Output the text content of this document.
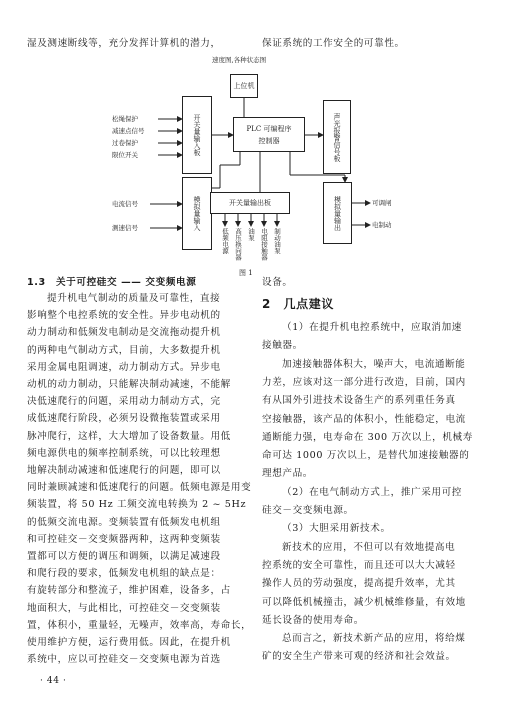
湿及测速断线等，充分发挥计算机的潜力，	保证系统的工作安全的可靠性。
速度图,各种状态图
上位机
开关量输入板	PLC 可编程序
控制器	声光报警信号板
模拟量输入	开关量输出板	模拟量输出
松绳保护
减速点信号
过卷保护
限位开关
电流信号
测速信号
可调闸
电制动
低频电源 高压换向器 油泵 电阻接触器 制动油泵
图 1
1.3　关于可控硅交 —— 交变频电源
提升机电气制动的质量及可靠性，直接
影响整个电控系统的安全性。异步电动机的
动力制动和低频发电制动是交流拖动提升机
的两种电气制动方式，目前，大多数提升机
采用金属电阻调速，动力制动方式。异步电
动机的动力制动，只能解决制动减速，不能解
决低速爬行的问题，采用动力制动方式，完
成低速爬行阶段，必须另设微拖装置或采用
脉冲爬行，这样，大大增加了设备数量。用低
频电源供电的频率控制系统，可以比较理想
地解决制动减速和低速爬行的问题，即可以
同时兼顾减速和低速爬行的问题。低频电源是用变
频装置，将 50 Hz 工频交流电转换为 2 ~ 5Hz
的低频交流电源。变频装置有低频发电机组
和可控硅交－交变频器两种，这两种变频装
置都可以方便的调压和调频，以满足减速段
和爬行段的要求，低频发电机组的缺点是：
有旋转部分和整流子，维护困难，设备多，占
地面积大，与此相比，可控硅交－交变频装
置，体积小，重量轻，无噪声，效率高，寿命长，
使用维护方便，运行费用低。因此，在提升机
系统中，应以可控硅交－交变频电源为首选
设备。
2　几点建议
（1）在提升机电控系统中，应取消加速
接触器。
加速接触器体积大，噪声大，电流通断能
力差，应该对这一部分进行改造，目前，国内
有从国外引进技术设备生产的系列重任务真
空接触器，该产品的体积小，性能稳定，电流
通断能力强，电寿命在 300 万次以上，机械寿
命可达 1000 万次以上，是替代加速接触器的
理想产品。
（2）在电气制动方式上，推广采用可控
硅交－交变频电源。
（3）大胆采用新技术。
新技术的应用，不但可以有效地提高电
控系统的安全可靠性，而且还可以大大减轻
操作人员的劳动强度，提高提升效率，尤其
可以降低机械撞击，减少机械维修量，有效地
延长设备的使用寿命。
总而言之，新技术新产品的应用，将给煤
矿的安全生产带来可观的经济和社会效益。
· 44 ·
